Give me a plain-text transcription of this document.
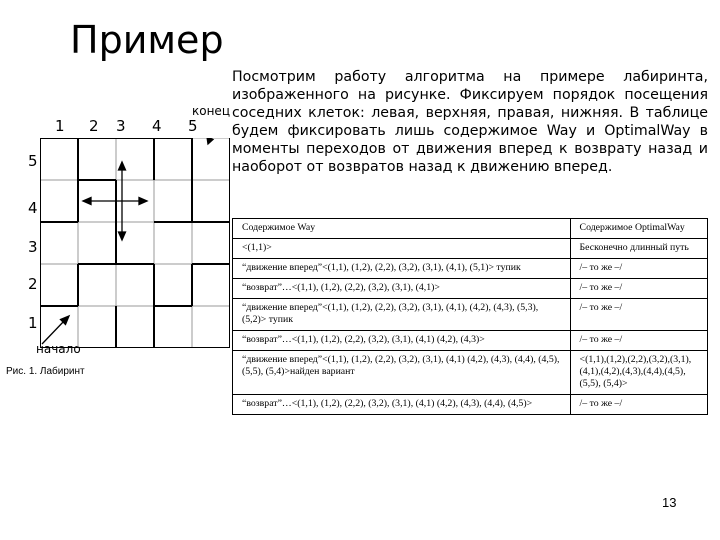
Пример
Посмотрим работу алгоритма на примере лабиринта, изображенного на рисунке. Фиксируем порядок посещения соседних клеток: левая, верхняя, правая, нижняя. В таблице будем фиксировать лишь содержимое Way и OptimalWay в моменты переходов от движения вперед к возврату назад и наоборот от возвратов назад к движению вперед.
1 2 3 4 5
конец
5
4
3
2
1
начало
Рис. 1. Лабиринт
Содержимое Way	Содержимое OptimalWay
<(1,1)>	Бесконечно длинный путь
“движение вперед”<(1,1), (1,2), (2,2), (3,2), (3,1), (4,1), (5,1)> тупик	/– то же –/
“возврат”…<(1,1), (1,2), (2,2), (3,2), (3,1), (4,1)>	/– то же –/
“движение вперед”<(1,1), (1,2), (2,2), (3,2), (3,1), (4,1), (4,2), (4,3), (5,3), (5,2)> тупик	/– то же –/
“возврат”…<(1,1), (1,2), (2,2), (3,2), (3,1), (4,1) (4,2), (4,3)>	/– то же –/
“движение вперед”<(1,1), (1,2), (2,2), (3,2), (3,1), (4,1) (4,2), (4,3), (4,4), (4,5), (5,5), (5,4)>найден вариант	<(1,1),(1,2),(2,2),(3,2),(3,1),(4,1),(4,2),(4,3),(4,4),(4,5),(5,5), (5,4)>
“возврат”…<(1,1), (1,2), (2,2), (3,2), (3,1), (4,1) (4,2), (4,3), (4,4), (4,5)>	/– то же –/
13
